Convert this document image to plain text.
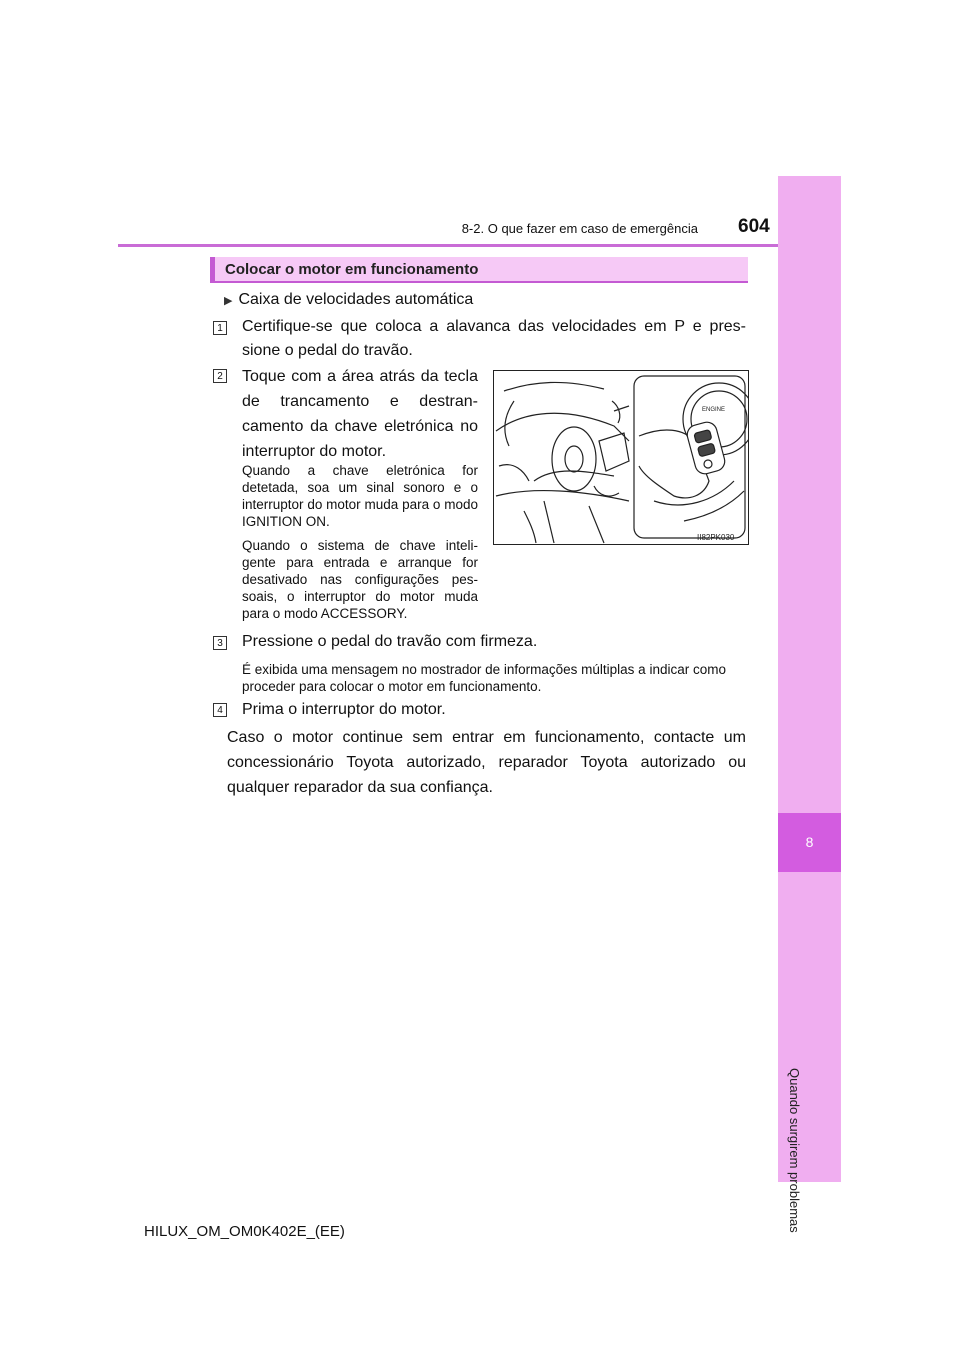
8
Quando surgirem problemas
8-2. O que fazer em caso de emergência 604
Colocar o motor em funcionamento
▶ Caixa de velocidades automática
1 Certifique-se que coloca a alavanca das velocidades em P e pres-sione o pedal do travão.
2 Toque com a área atrás da tecla de trancamento e destran-camento da chave eletrónica no interruptor do motor.
Quando a chave eletrónica for detetada, soa um sinal sonoro e o interruptor do motor muda para o modo IGNITION ON.
Quando o sistema de chave inteli-gente para entrada e arranque for desativado nas configurações pes-soais, o interruptor do motor muda para o modo ACCESSORY.
ENGINE
II82PK030
3 Pressione o pedal do travão com firmeza.
É exibida uma mensagem no mostrador de informações múltiplas a indicar como proceder para colocar o motor em funcionamento.
4 Prima o interruptor do motor.
Caso o motor continue sem entrar em funcionamento, contacte um concessionário Toyota autorizado, reparador Toyota autorizado ou qualquer reparador da sua confiança.
HILUX_OM_OM0K402E_(EE)
